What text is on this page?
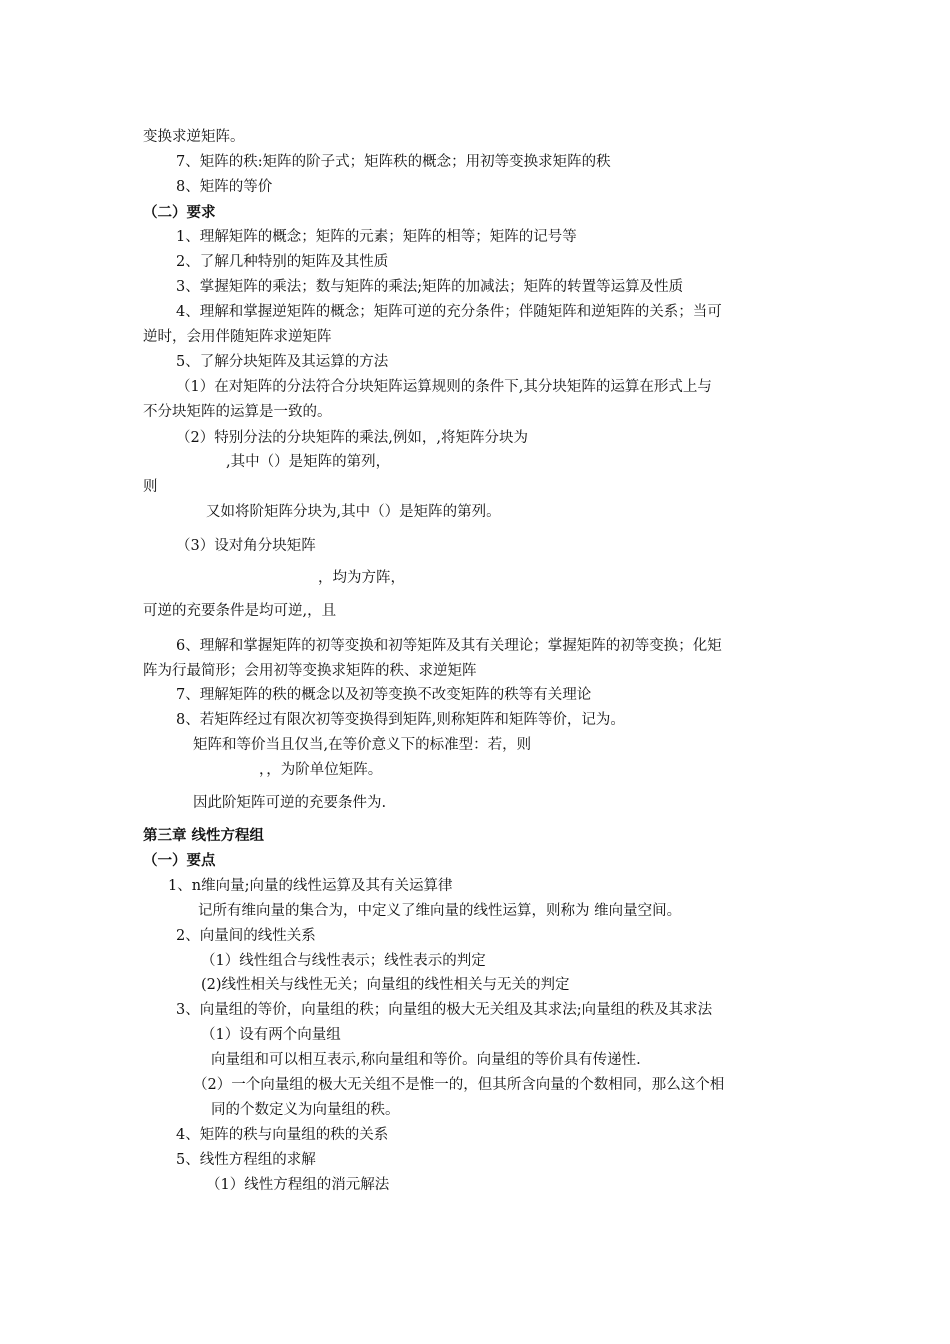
变换求逆矩阵。
7、矩阵的秩:矩阵的阶子式；矩阵秩的概念；用初等变换求矩阵的秩
8、矩阵的等价
（二）要求
1、理解矩阵的概念；矩阵的元素；矩阵的相等；矩阵的记号等
2、了解几种特别的矩阵及其性质
3、掌握矩阵的乘法；数与矩阵的乘法;矩阵的加减法；矩阵的转置等运算及性质
4、理解和掌握逆矩阵的概念；矩阵可逆的充分条件；伴随矩阵和逆矩阵的关系；当可
逆时，会用伴随矩阵求逆矩阵
5、了解分块矩阵及其运算的方法
（1）在对矩阵的分法符合分块矩阵运算规则的条件下,其分块矩阵的运算在形式上与
不分块矩阵的运算是一致的。
（2）特别分法的分块矩阵的乘法,例如，,将矩阵分块为
,其中（）是矩阵的第列，
则
又如将阶矩阵分块为,其中（）是矩阵的第列。
（3）设对角分块矩阵
，均为方阵，
可逆的充要条件是均可逆,，且
6、理解和掌握矩阵的初等变换和初等矩阵及其有关理论；掌握矩阵的初等变换；化矩
阵为行最简形；会用初等变换求矩阵的秩、求逆矩阵
7、理解矩阵的秩的概念以及初等变换不改变矩阵的秩等有关理论
8、若矩阵经过有限次初等变换得到矩阵,则称矩阵和矩阵等价，记为。
矩阵和等价当且仅当,在等价意义下的标准型：若，则
，，为阶单位矩阵。
因此阶矩阵可逆的充要条件为.
第三章 线性方程组
（一）要点
1、n维向量;向量的线性运算及其有关运算律
记所有维向量的集合为，中定义了维向量的线性运算，则称为 维向量空间。
2、向量间的线性关系
（1）线性组合与线性表示；线性表示的判定
(2)线性相关与线性无关；向量组的线性相关与无关的判定
3、向量组的等价，向量组的秩；向量组的极大无关组及其求法;向量组的秩及其求法
（1）设有两个向量组
向量组和可以相互表示,称向量组和等价。向量组的等价具有传递性.
（2）一个向量组的极大无关组不是惟一的，但其所含向量的个数相同，那么这个相
同的个数定义为向量组的秩。
4、矩阵的秩与向量组的秩的关系
5、线性方程组的求解
（1）线性方程组的消元解法
